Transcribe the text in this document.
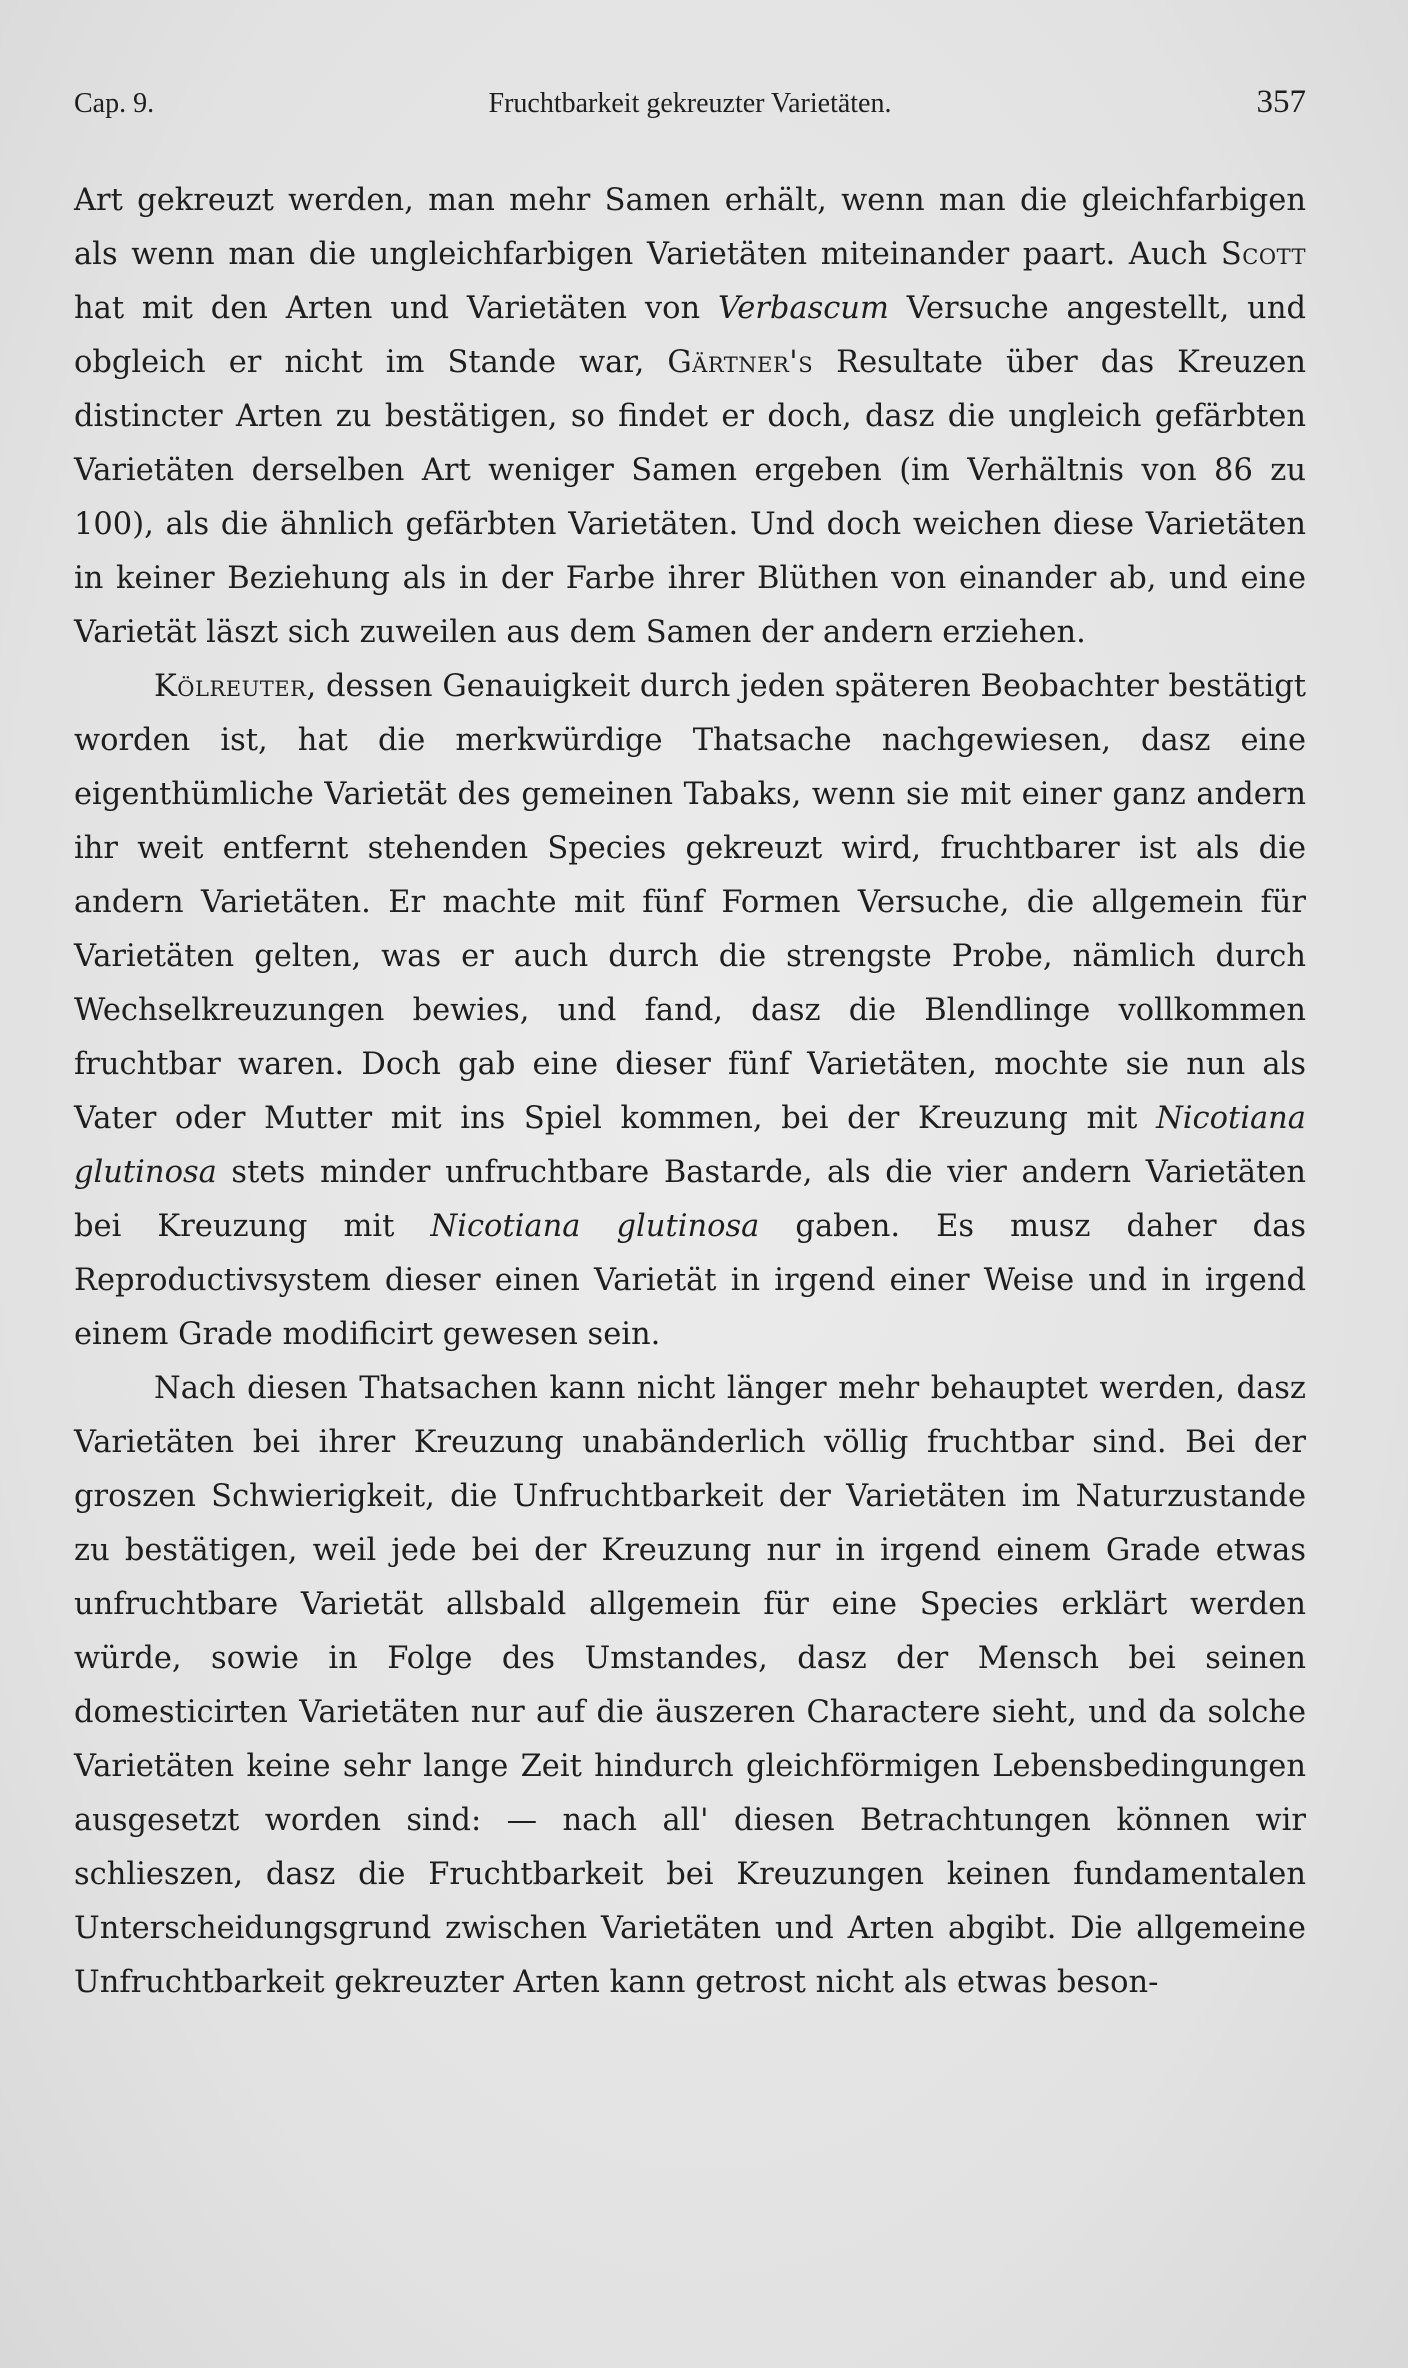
Cap. 9.	Fruchtbarkeit gekreuzter Varietäten.	357

Art gekreuzt werden, man mehr Samen erhält, wenn man die gleichfarbigen als wenn man die ungleichfarbigen Varietäten miteinander paart. Auch Scott hat mit den Arten und Varietäten von Verbascum Versuche angestellt, und obgleich er nicht im Stande war, Gärtner's Resultate über das Kreuzen distincter Arten zu bestätigen, so findet er doch, dasz die ungleich gefärbten Varietäten derselben Art weniger Samen ergeben (im Verhältnis von 86 zu 100), als die ähnlich gefärbten Varietäten. Und doch weichen diese Varietäten in keiner Beziehung als in der Farbe ihrer Blüthen von einander ab, und eine Varietät läszt sich zuweilen aus dem Samen der andern erziehen.

Kölreuter, dessen Genauigkeit durch jeden späteren Beobachter bestätigt worden ist, hat die merkwürdige Thatsache nachgewiesen, dasz eine eigenthümliche Varietät des gemeinen Tabaks, wenn sie mit einer ganz andern ihr weit entfernt stehenden Species gekreuzt wird, fruchtbarer ist als die andern Varietäten. Er machte mit fünf Formen Versuche, die allgemein für Varietäten gelten, was er auch durch die strengste Probe, nämlich durch Wechselkreuzungen bewies, und fand, dasz die Blendlinge vollkommen fruchtbar waren. Doch gab eine dieser fünf Varietäten, mochte sie nun als Vater oder Mutter mit ins Spiel kommen, bei der Kreuzung mit Nicotiana glutinosa stets minder unfruchtbare Bastarde, als die vier andern Varietäten bei Kreuzung mit Nicotiana glutinosa gaben. Es musz daher das Reproductivsystem dieser einen Varietät in irgend einer Weise und in irgend einem Grade modificirt gewesen sein.

Nach diesen Thatsachen kann nicht länger mehr behauptet werden, dasz Varietäten bei ihrer Kreuzung unabänderlich völlig fruchtbar sind. Bei der groszen Schwierigkeit, die Unfruchtbarkeit der Varietäten im Naturzustande zu bestätigen, weil jede bei der Kreuzung nur in irgend einem Grade etwas unfruchtbare Varietät allsbald allgemein für eine Species erklärt werden würde, sowie in Folge des Umstandes, dasz der Mensch bei seinen domesticirten Varietäten nur auf die äuszeren Charactere sieht, und da solche Varietäten keine sehr lange Zeit hindurch gleichförmigen Lebensbedingungen ausgesetzt worden sind: — nach all' diesen Betrachtungen können wir schlieszen, dasz die Fruchtbarkeit bei Kreuzungen keinen fundamentalen Unterscheidungsgrund zwischen Varietäten und Arten abgibt. Die allgemeine Unfruchtbarkeit gekreuzter Arten kann getrost nicht als etwas beson-
